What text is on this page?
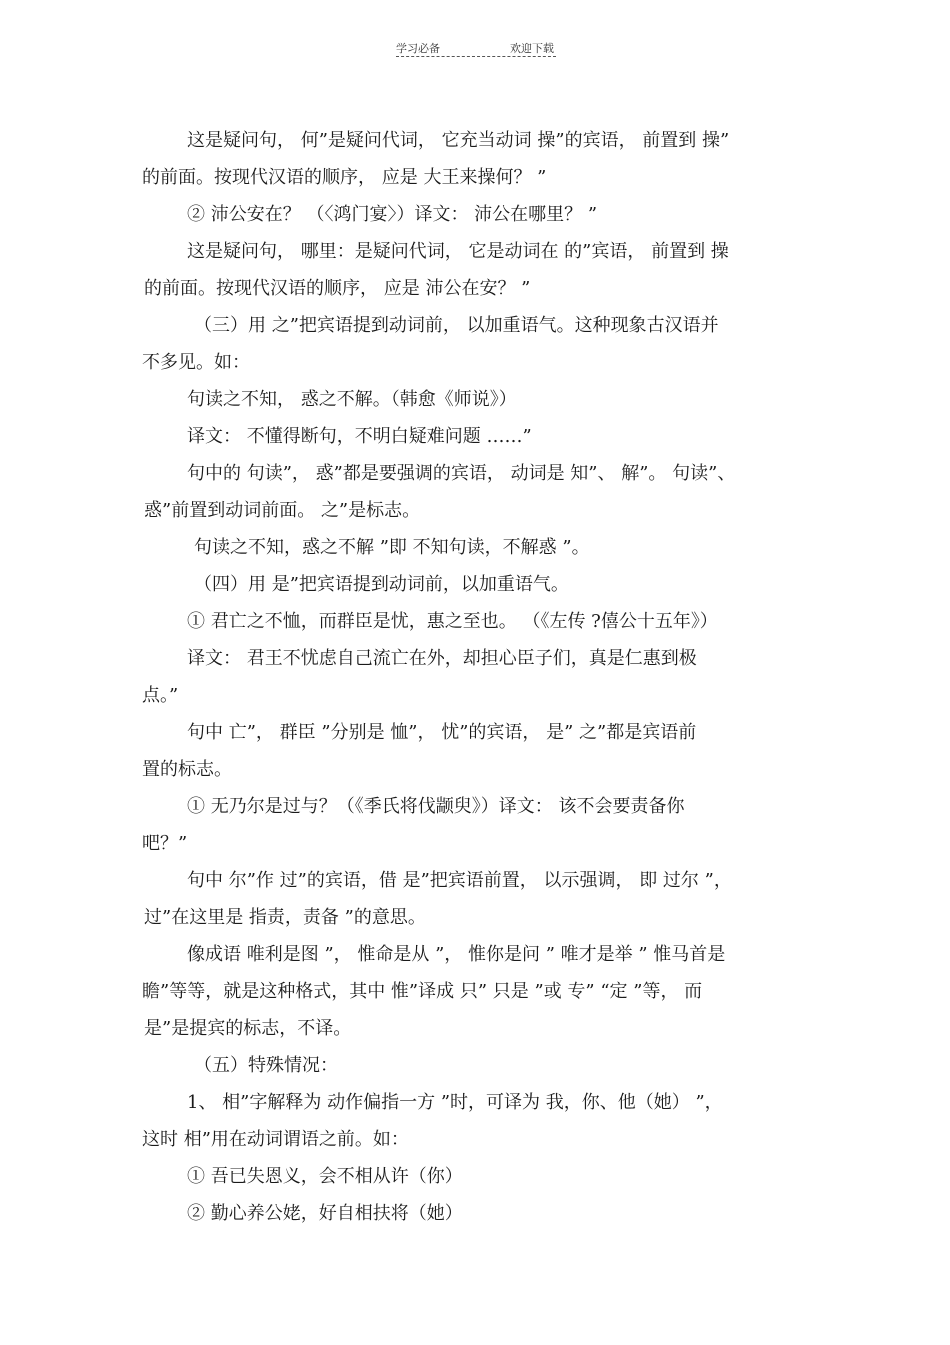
学习必备	欢迎下载
这是疑问句， 何”是疑问代词， 它充当动词 操”的宾语， 前置到 操”
的前面。按现代汉语的顺序， 应是 大王来操何？ ”
② 沛公安在？ （〈鸿门宴〉）译文： 沛公在哪里？ ”
这是疑问句， 哪里：是疑问代词， 它是动词在 的”宾语， 前置到 操
的前面。按现代汉语的顺序， 应是 沛公在安？ ”
（三）用 之”把宾语提到动词前， 以加重语气。这种现象古汉语并
不多见。如：
句读之不知， 惑之不解。（韩愈《师说》）
译文： 不懂得断句，不明白疑难问题 ……”
句中的 句读”， 惑”都是要强调的宾语， 动词是 知”、 解”。 句读”、
惑”前置到动词前面。 之”是标志。
句读之不知，惑之不解 ”即 不知句读，不解惑 ”。
（四）用 是”把宾语提到动词前，以加重语气。
① 君亡之不恤，而群臣是忧，惠之至也。 （《左传 ?僖公十五年》）
译文： 君王不忧虑自己流亡在外，却担心臣子们，真是仁惠到极
点。”
句中 亡”， 群臣 ”分别是 恤”， 忧”的宾语， 是” 之”都是宾语前
置的标志。
① 无乃尔是过与？（《季氏将伐颛臾》）译文： 该不会要责备你
吧？”
句中 尔”作 过”的宾语，借 是”把宾语前置， 以示强调， 即 过尔 ”，
过”在这里是 指责，责备 ”的意思。
像成语 唯利是图 ”， 惟命是从 ”， 惟你是问 ” 唯才是举 ” 惟马首是
瞻”等等，就是这种格式，其中 惟”译成 只” 只是 ”或 专” “定 ”等， 而
是”是提宾的标志，不译。
（五）特殊情况：
1、 相”字解释为 动作偏指一方 ”时，可译为 我，你、他（她） ”，
这时 相”用在动词谓语之前。如：
① 吾已失恩义，会不相从许（你）
② 勤心养公姥，好自相扶将（她）
